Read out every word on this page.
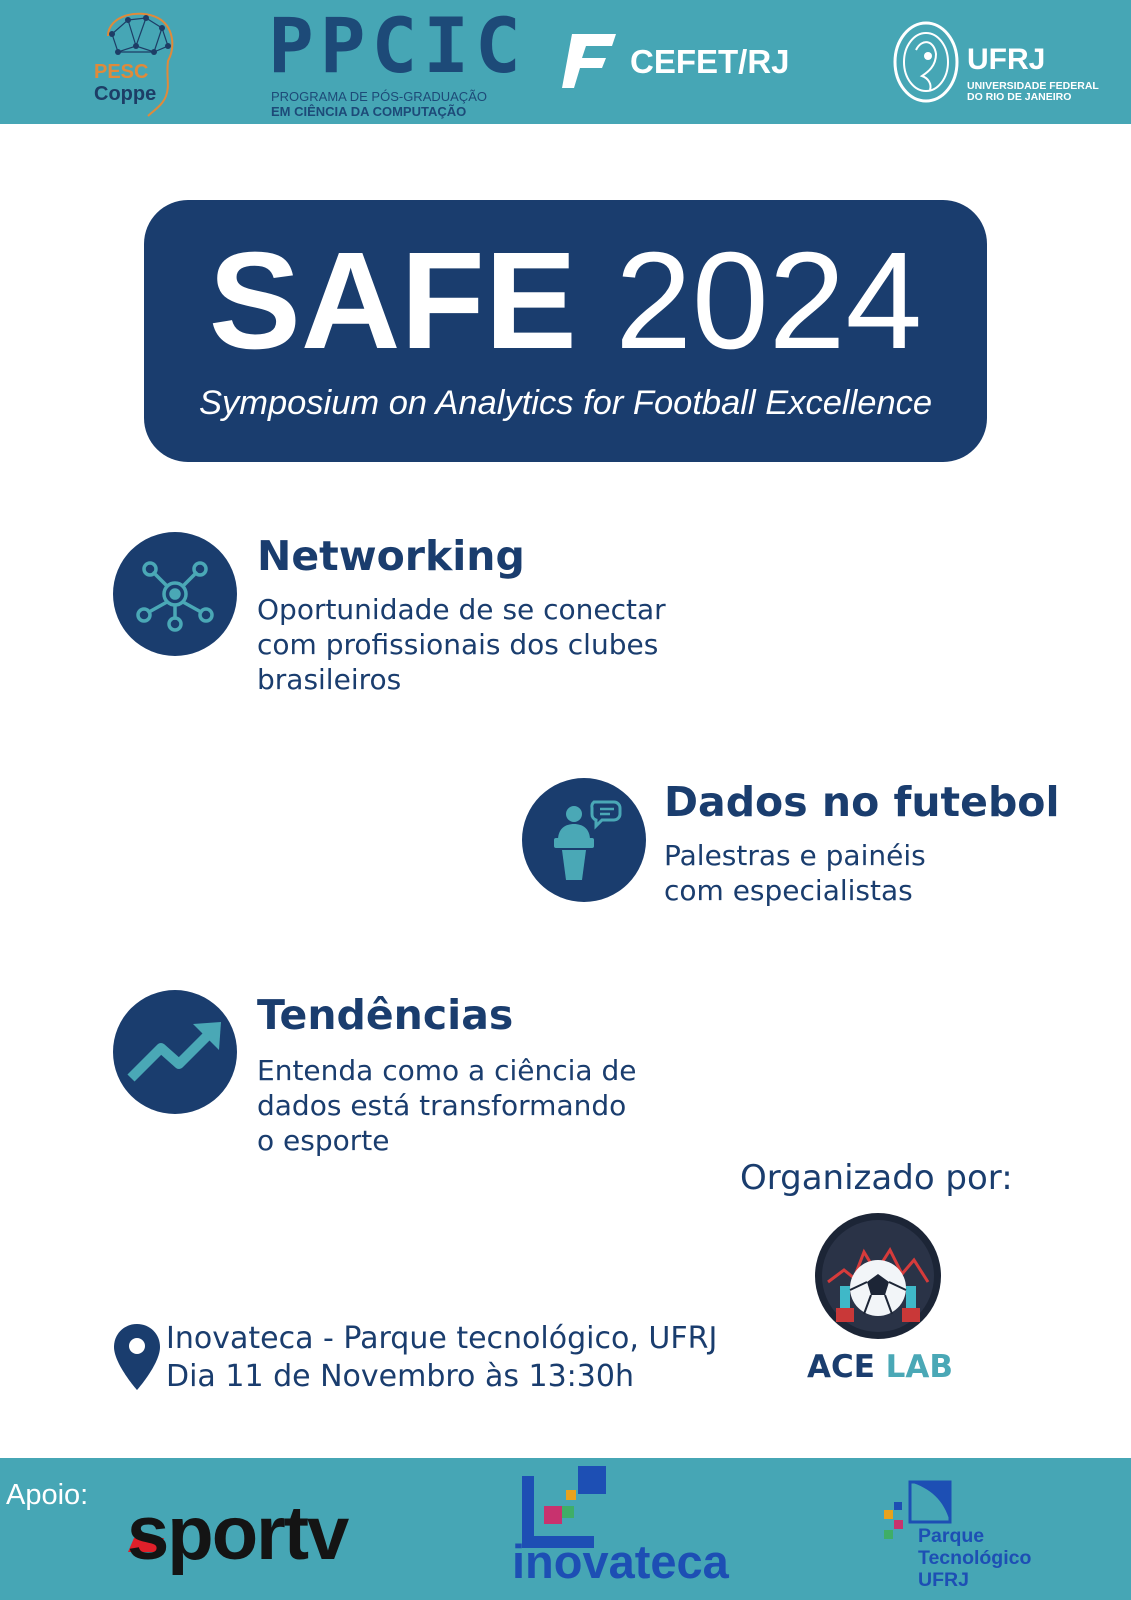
PESC
Coppe
PPCIC
PROGRAMA DE PÓS-GRADUAÇÃO
EM CIÊNCIA DA COMPUTAÇÃO
CEFET/RJ	UFRJ
UNIVERSIDADE FEDERAL
DO RIO DE JANEIRO
SAFE 2024
Symposium on Analytics for Football Excellence
Networking
Oportunidade de se conectar
com profissionais dos clubes
brasileiros
Dados no futebol
Palestras e painéis
com especialistas
Tendências
Entenda como a ciência de
dados está transformando
o esporte
Inovateca - Parque tecnológico, UFRJ
Dia 11 de Novembro às 13:30h
Organizado por:
ACE LAB
Apoio: sportv	inovateca	Parque
Tecnológico
UFRJ
